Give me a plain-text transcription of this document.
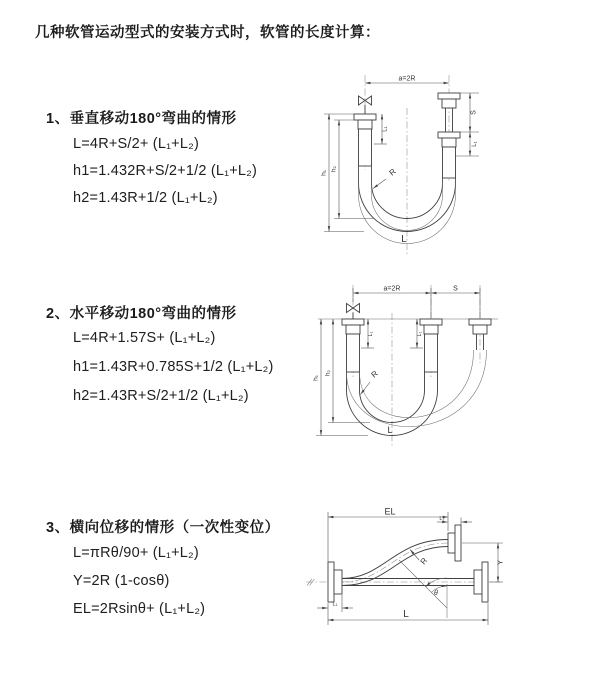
几种软管运动型式的安装方式时，软管的长度计算：
1、垂直移动180°弯曲的情形
L=4R+S/2+ (L₁+L₂)
h1=1.432R+S/2+1/2 (L₁+L₂)
h2=1.43R+1/2 (L₁+L₂)
2、水平移动180°弯曲的情形
L=4R+1.57S+ (L₁+L₂)
h1=1.43R+0.785S+1/2 (L₁+L₂)
h2=1.43R+S/2+1/2 (L₁+L₂)
3、横向位移的情形（一次性变位）
L=πRθ/90+ (L₁+L₂)
Y=2R (1-cosθ)
EL=2Rsinθ+ (L₁+L₂)
a=2R
S
L₁
h₁
h₂
L₁
R
L
a=2R	S
h₁
h₂
L₁	L₁
R
L
θ
EL
L₂
Y
L
L₁
R
